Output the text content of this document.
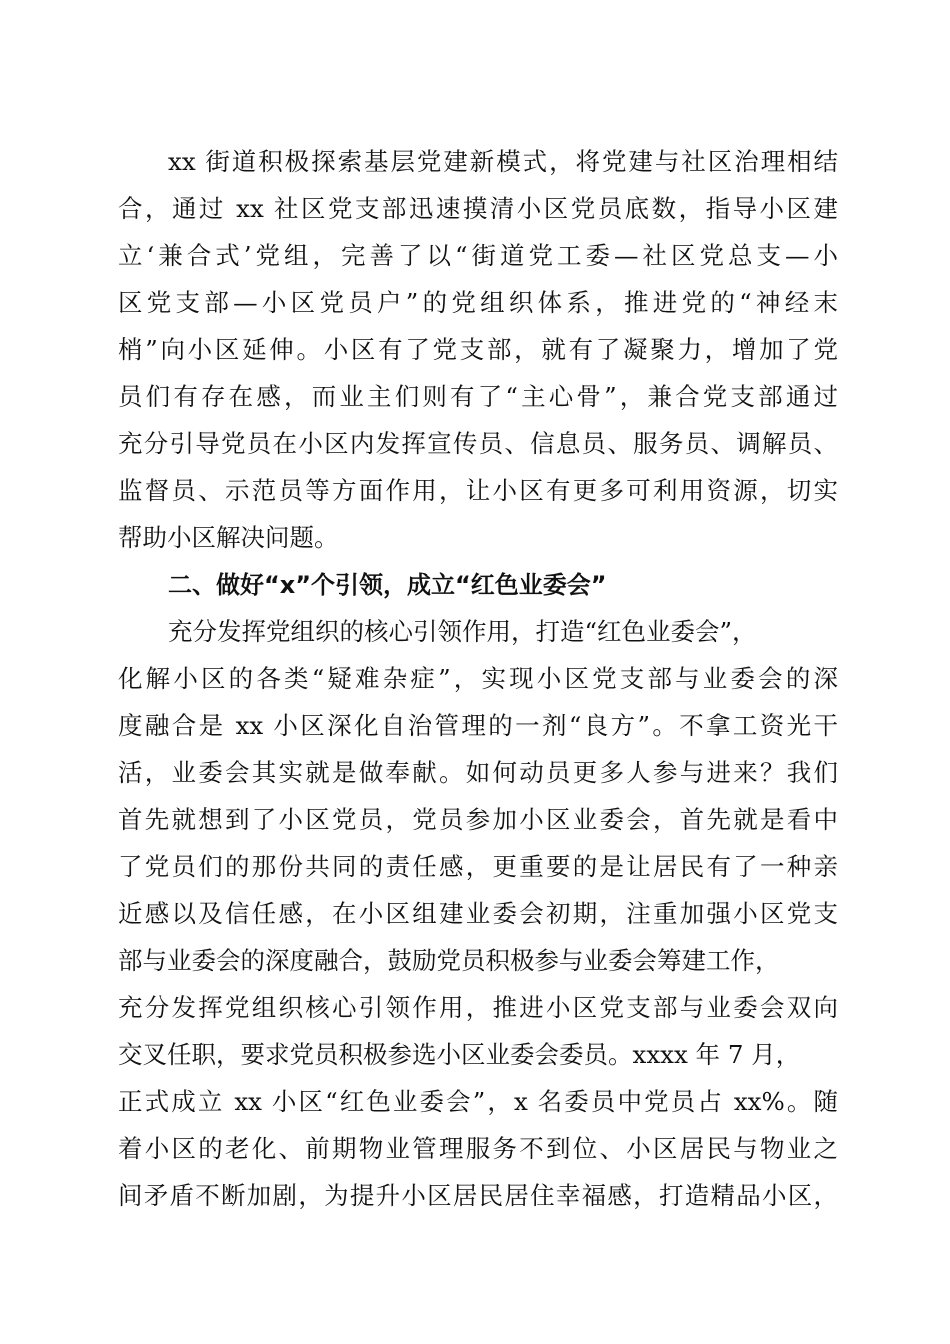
xx 街道积极探索基层党建新模式，将党建与社区治理相结
合，通过 xx 社区党支部迅速摸清小区党员底数，指导小区建
立‘兼合式’党组，完善了以“街道党工委—社区党总支—小
区党支部—小区党员户”的党组织体系，推进党的“神经末
梢”向小区延伸。小区有了党支部，就有了凝聚力，增加了党
员们有存在感，而业主们则有了“主心骨”，兼合党支部通过
充分引导党员在小区内发挥宣传员、信息员、服务员、调解员、
监督员、示范员等方面作用，让小区有更多可利用资源，切实
帮助小区解决问题。
二、做好“x”个引领，成立“红色业委会”
充分发挥党组织的核心引领作用，打造“红色业委会”，
化解小区的各类“疑难杂症”，实现小区党支部与业委会的深
度融合是 xx 小区深化自治管理的一剂“良方”。不拿工资光干
活，业委会其实就是做奉献。如何动员更多人参与进来？我们
首先就想到了小区党员，党员参加小区业委会，首先就是看中
了党员们的那份共同的责任感，更重要的是让居民有了一种亲
近感以及信任感，在小区组建业委会初期，注重加强小区党支
部与业委会的深度融合，鼓励党员积极参与业委会筹建工作，
充分发挥党组织核心引领作用，推进小区党支部与业委会双向
交叉任职，要求党员积极参选小区业委会委员。xxxx 年 7 月，
正式成立 xx 小区“红色业委会”，x 名委员中党员占 xx%。随
着小区的老化、前期物业管理服务不到位、小区居民与物业之
间矛盾不断加剧，为提升小区居民居住幸福感，打造精品小区，
